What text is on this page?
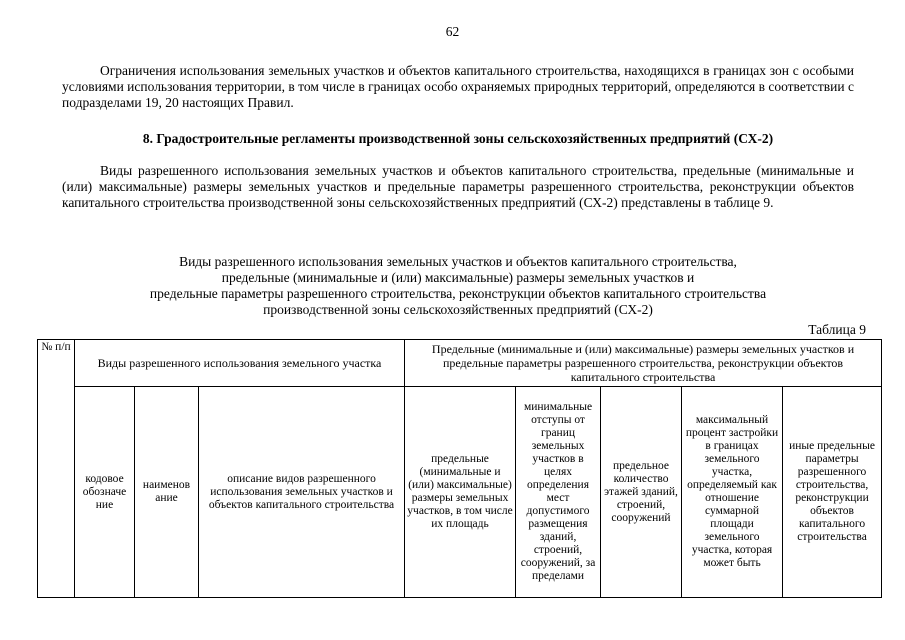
62
Ограничения использования земельных участков и объектов капитального строительства, находящихся в границах зон с особыми условиями использования территории, в том числе в границах особо охраняемых природных территорий, определяются в соответствии с подразделами 19, 20 настоящих Правил.
8. Градостроительные регламенты производственной зоны сельскохозяйственных предприятий (СХ-2)
Виды разрешенного использования земельных участков и объектов капитального строительства, предельные (минимальные и (или) максимальные) размеры земельных участков и предельные параметры разрешенного строительства, реконструкции объектов капитального строительства производственной зоны сельскохозяйственных предприятий (СХ-2) представлены в таблице 9.
Виды разрешенного использования земельных участков и объектов капитального строительства,
предельные (минимальные и (или) максимальные) размеры земельных участков и
предельные параметры разрешенного строительства, реконструкции объектов капитального строительства
производственной зоны сельскохозяйственных предприятий (СХ-2)
Таблица 9
№ п/п	Виды разрешенного использования земельного участка			Предельные (минимальные и (или) максимальные) размеры земельных участков и предельные параметры разрешенного строительства, реконструкции объектов капитального строительства				
	кодовое обозначе ние	наименов ание	описание видов разрешенного использования земельных участков и объектов капитального строительства	предельные (минимальные и (или) максимальные) размеры земельных участков, в том числе их площадь	минимальные отступы от границ земельных участков в целях определения мест допустимого размещения зданий, строений, сооружений, за пределами	предельное количество этажей зданий, строений, сооружений	максимальный процент застройки в границах земельного участка, определяемый как отношение суммарной площади земельного участка, которая может быть	иные предельные параметры разрешенного строительства, реконструкции объектов капитального строительства
